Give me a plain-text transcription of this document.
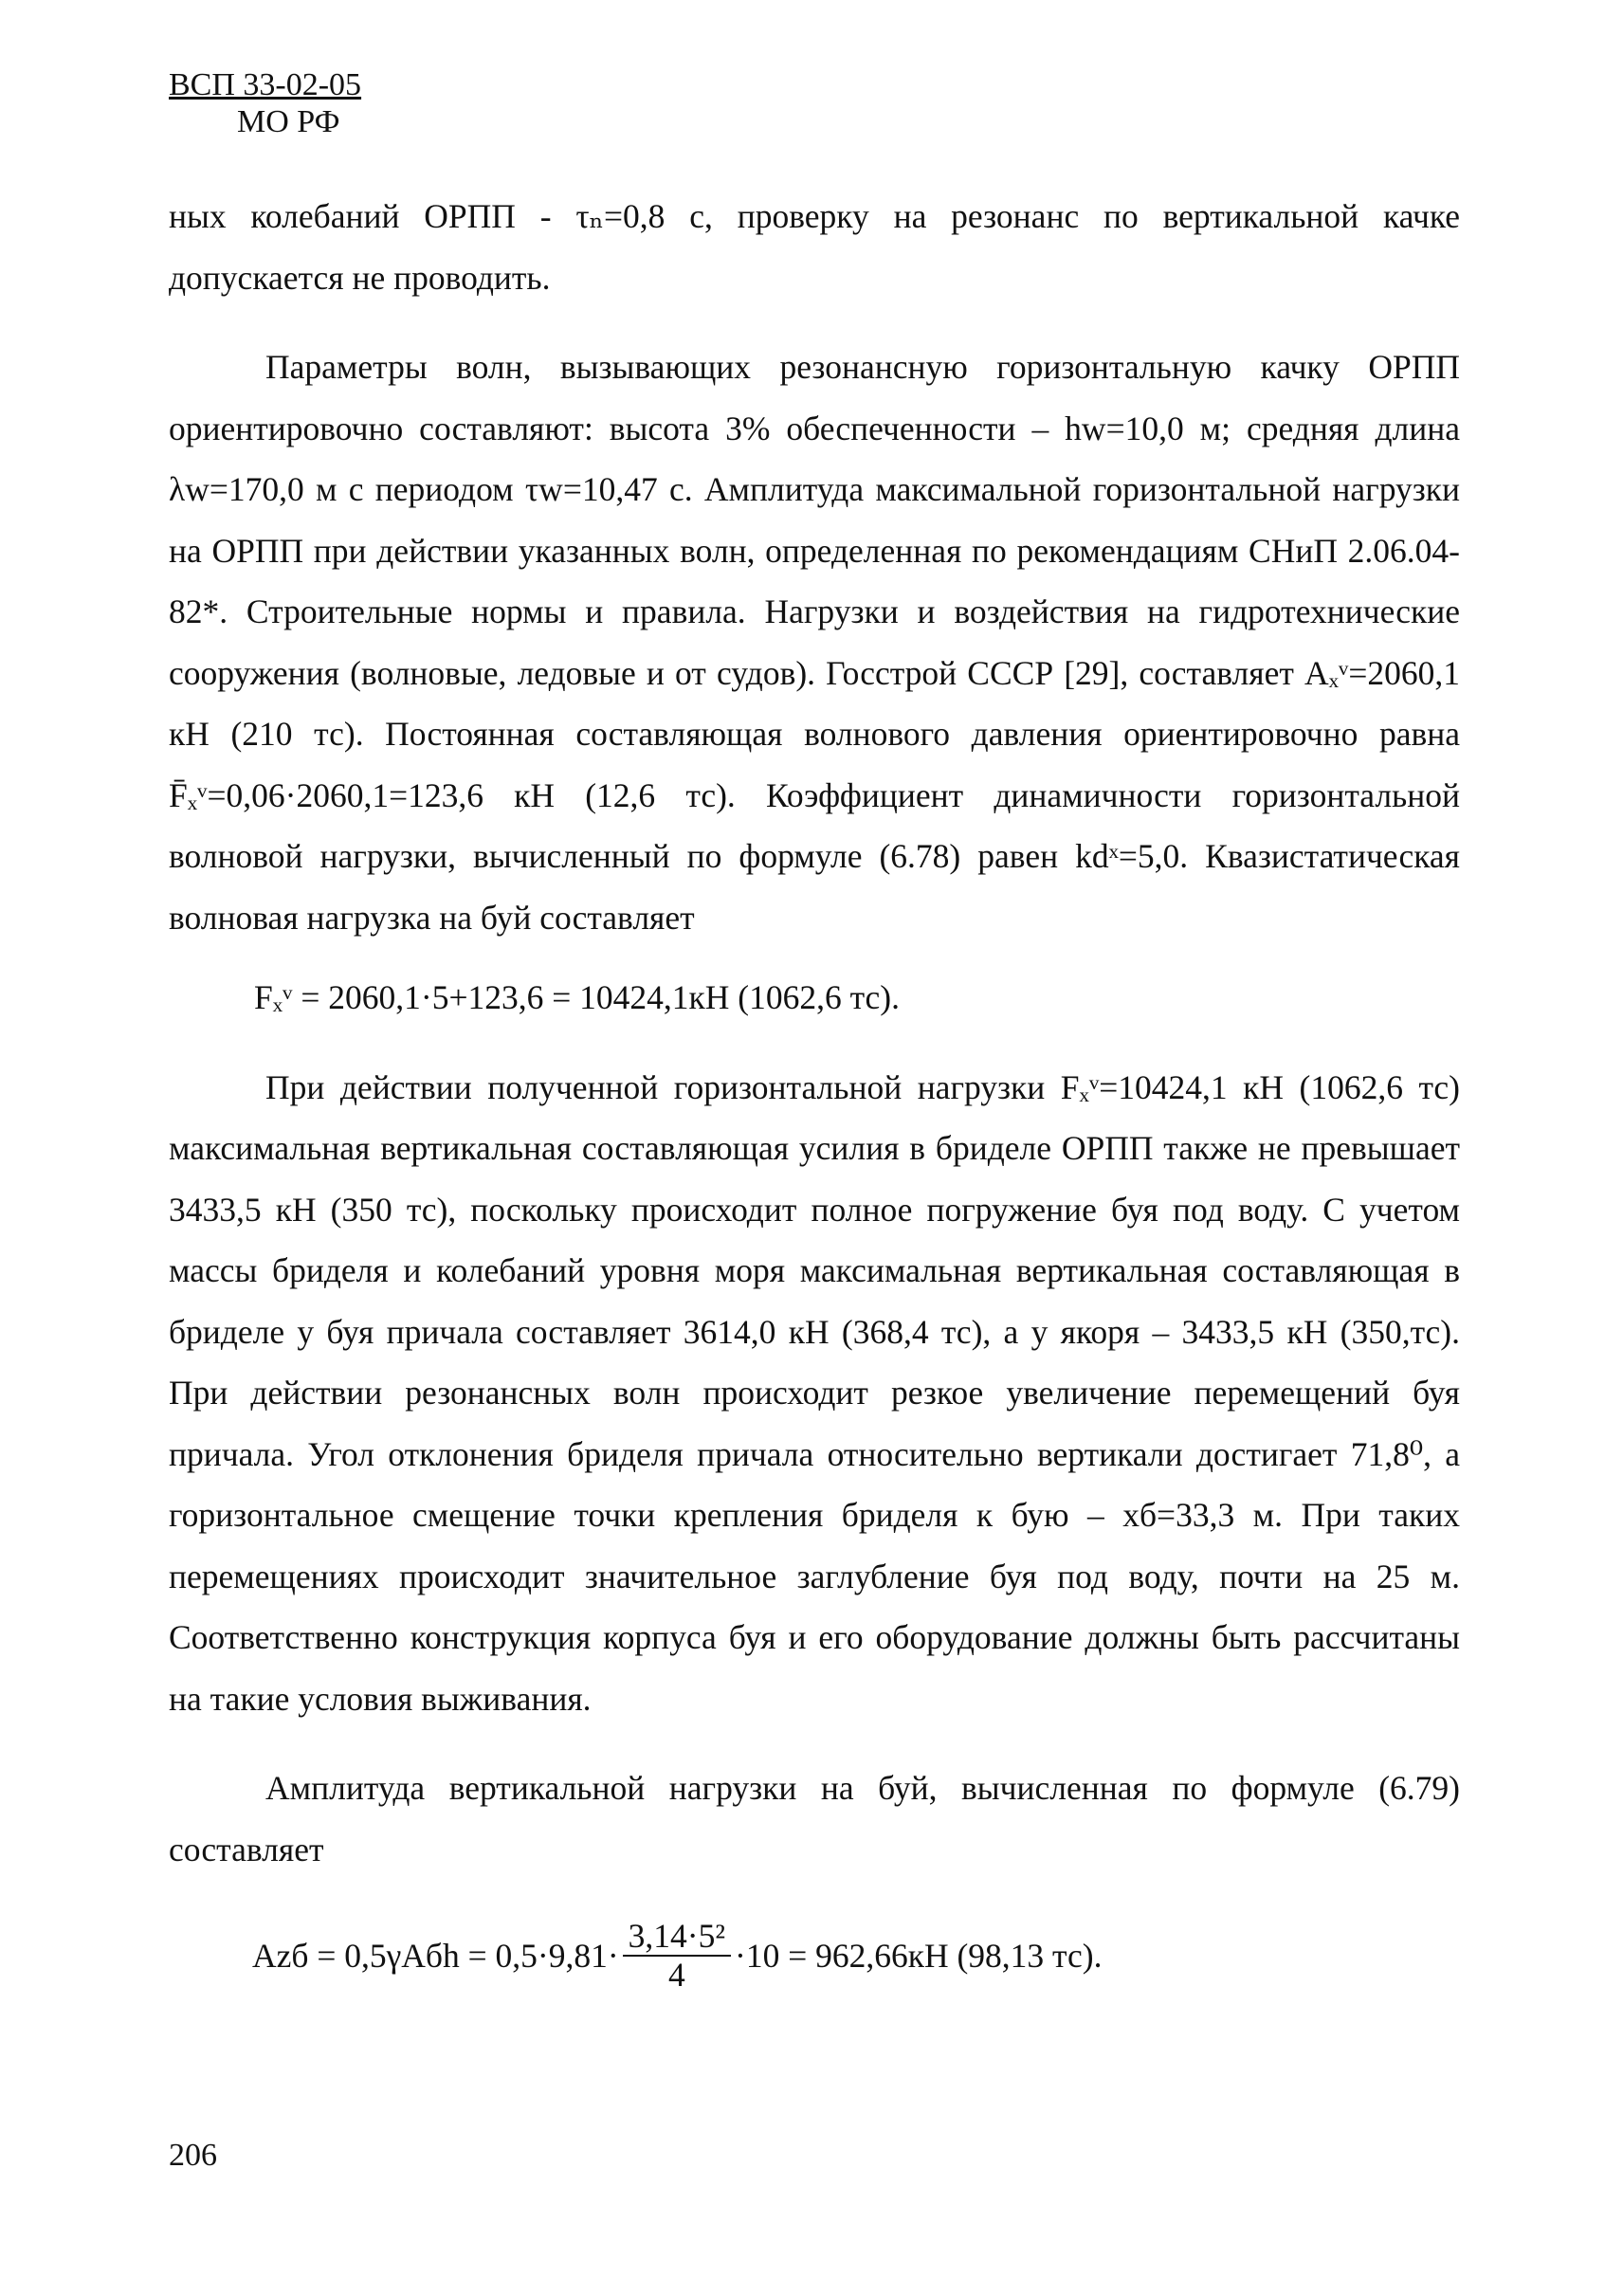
ВСП 33-02-05
МО РФ

ных колебаний ОРПП - τₙ=0,8 с, проверку на резонанс по вертикальной качке допускается не проводить.

Параметры волн, вызывающих резонансную горизонтальную качку ОРПП ориентировочно составляют: высота 3% обеспеченности – hw=10,0 м; средняя длина λw=170,0 м с периодом τw=10,47 с. Амплитуда максимальной горизонтальной нагрузки на ОРПП при действии указанных волн, определенная по рекомендациям СНиП 2.06.04-82*. Строительные нормы и правила. Нагрузки и воздействия на гидротехнические сооружения (волновые, ледовые и от судов). Госстрой СССР [29], составляет Aₓᵛ=2060,1 кН (210 тс). Постоянная составляющая волнового давления ориентировочно равна F̄ₓᵛ=0,06·2060,1=123,6 кН (12,6 тс). Коэффициент динамичности горизонтальной волновой нагрузки, вычисленный по формуле (6.78) равен kdˣ=5,0. Квазистатическая волновая нагрузка на буй составляет

Fₓᵛ = 2060,1·5+123,6 = 10424,1кН (1062,6 тс).

При действии полученной горизонтальной нагрузки Fₓᵛ=10424,1 кН (1062,6 тс) максимальная вертикальная составляющая усилия в бриделе ОРПП также не превышает 3433,5 кН (350 тс), поскольку происходит полное погружение буя под воду. С учетом массы бриделя и колебаний уровня моря максимальная вертикальная составляющая в бриделе у буя причала составляет 3614,0 кН (368,4 тс), а у якоря – 3433,5 кН (350,тс). При действии резонансных волн происходит резкое увеличение перемещений буя причала. Угол отклонения бриделя причала относительно вертикали достигает 71,8⁰, а горизонтальное смещение точки крепления бриделя к бую – xб=33,3 м. При таких перемещениях происходит значительное заглубление буя под воду, почти на 25 м. Соответственно конструкция корпуса буя и его оборудование должны быть рассчитаны на такие условия выживания.

Амплитуда вертикальной нагрузки на буй, вычисленная по формуле (6.79) составляет

Azб = $0,5\gamma Aбh = 0,5\cdot 9,81\cdot \frac{\text{3,14·5²}}{4} \cdot 10 = 962,66кН$ (98,13 тс).
206
